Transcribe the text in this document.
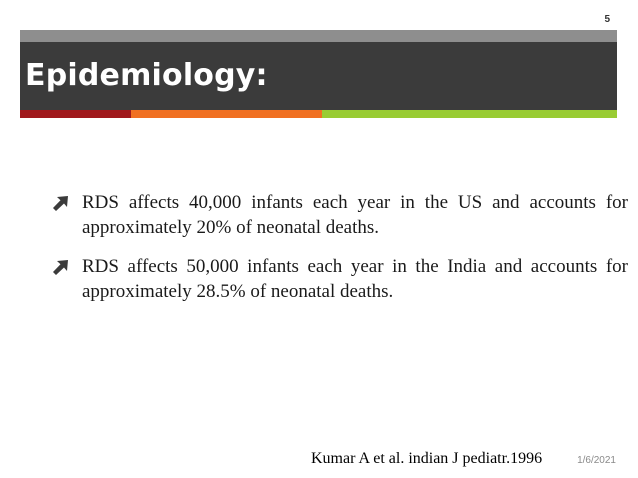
5
Epidemiology:
RDS affects 40,000 infants each year in the US and accounts for approximately 20% of neonatal deaths.
RDS affects 50,000 infants each year in the India and accounts for approximately 28.5% of neonatal deaths.
Kumar A et al. indian J pediatr.1996	1/6/2021
